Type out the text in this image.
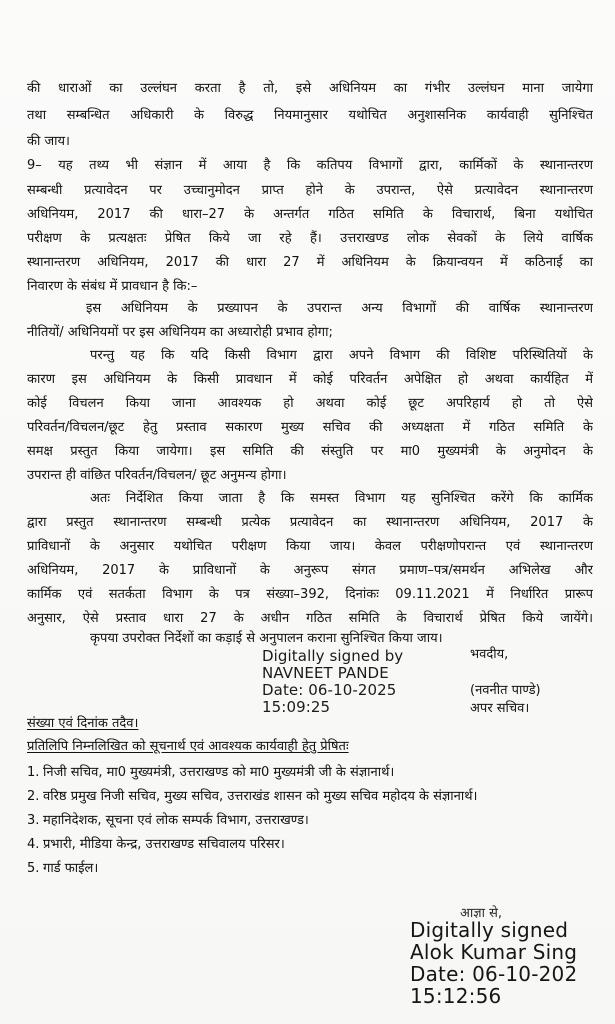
की धाराओं का उल्लंघन करता है तो, इसे अधिनियम का गंभीर उल्लंघन माना जायेगा
तथा सम्बन्धित अधिकारी के विरुद्ध नियमानुसार यथोचित अनुशासनिक कार्यवाही सुनिश्चित
की जाय।
9– यह तथ्य भी संज्ञान में आया है कि कतिपय विभागों द्वारा, कार्मिकों के स्थानान्तरण
सम्बन्धी प्रत्यावेदन पर उच्चानुमोदन प्राप्त होने के उपरान्त, ऐसे प्रत्यावेदन स्थानान्तरण
अधिनियम, 2017 की धारा–27 के अन्तर्गत गठित समिति के विचारार्थ, बिना यथोचित
परीक्षण के प्रत्यक्षतः प्रेषित किये जा रहे हैं। उत्तराखण्ड लोक सेवकों के लिये वार्षिक
स्थानान्तरण अधिनियम, 2017 की धारा 27 में अधिनियम के क्रियान्वयन में कठिनाई का
निवारण के संबंध में प्रावधान है कि:–
इस अधिनियम के प्रख्यापन के उपरान्त अन्य विभागों की वार्षिक स्थानान्तरण
नीतियों/ अधिनियमों पर इस अधिनियम का अध्यारोही प्रभाव होगा;
परन्तु यह कि यदि किसी विभाग द्वारा अपने विभाग की विशिष्ट परिस्थितियों के
कारण इस अधिनियम के किसी प्रावधान में कोई परिवर्तन अपेक्षित हो अथवा कार्यहित में
कोई विचलन किया जाना आवश्यक हो अथवा कोई छूट अपरिहार्य हो तो ऐसे
परिवर्तन/विचलन/छूट हेतु प्रस्ताव सकारण मुख्य सचिव की अध्यक्षता में गठित समिति के
समक्ष प्रस्तुत किया जायेगा। इस समिति की संस्तुति पर मा0 मुख्यमंत्री के अनुमोदन के
उपरान्त ही वांछित परिवर्तन/विचलन/ छूट अनुमन्य होगा।
अतः निर्देशित किया जाता है कि समस्त विभाग यह सुनिश्चित करेंगे कि कार्मिक
द्वारा प्रस्तुत स्थानान्तरण सम्बन्धी प्रत्येक प्रत्यावेदन का स्थानान्तरण अधिनियम, 2017 के
प्राविधानों के अनुसार यथोचित परीक्षण किया जाय। केवल परीक्षणोपरान्त एवं स्थानान्तरण
अधिनियम, 2017 के प्राविधानों के अनुरूप संगत प्रमाण–पत्र/समर्थन अभिलेख और
कार्मिक एवं सतर्कता विभाग के पत्र संख्या–392, दिनांकः 09.11.2021 में निर्धारित प्रारूप
अनुसार, ऐसे प्रस्ताव धारा 27 के अधीन गठित समिति के विचारार्थ प्रेषित किये जायेंगे।
कृपया उपरोक्त निर्देशों का कड़ाई से अनुपालन कराना सुनिश्चित किया जाय।
Digitally signed by
NAVNEET PANDE
Date: 06-10-2025
15:09:25
भवदीय,
(नवनीत पाण्डे)
अपर सचिव।
संख्या एवं दिनांक तदैव।
प्रतिलिपि निम्नलिखित को सूचनार्थ एवं आवश्यक कार्यवाही हेतु प्रेषितः
1. निजी सचिव, मा0 मुख्यमंत्री, उत्तराखण्ड को मा0 मुख्यमंत्री जी के संज्ञानार्थ।
2. वरिष्ठ प्रमुख निजी सचिव, मुख्य सचिव, उत्तराखंड शासन को मुख्य सचिव महोदय के संज्ञानार्थ।
3. महानिदेशक, सूचना एवं लोक सम्पर्क विभाग, उत्तराखण्ड।
4. प्रभारी, मीडिया केन्द्र, उत्तराखण्ड सचिवालय परिसर।
5. गार्ड फाईल।
आज्ञा से,
Digitally signed
Alok Kumar Sing
Date: 06-10-202
15:12:56
